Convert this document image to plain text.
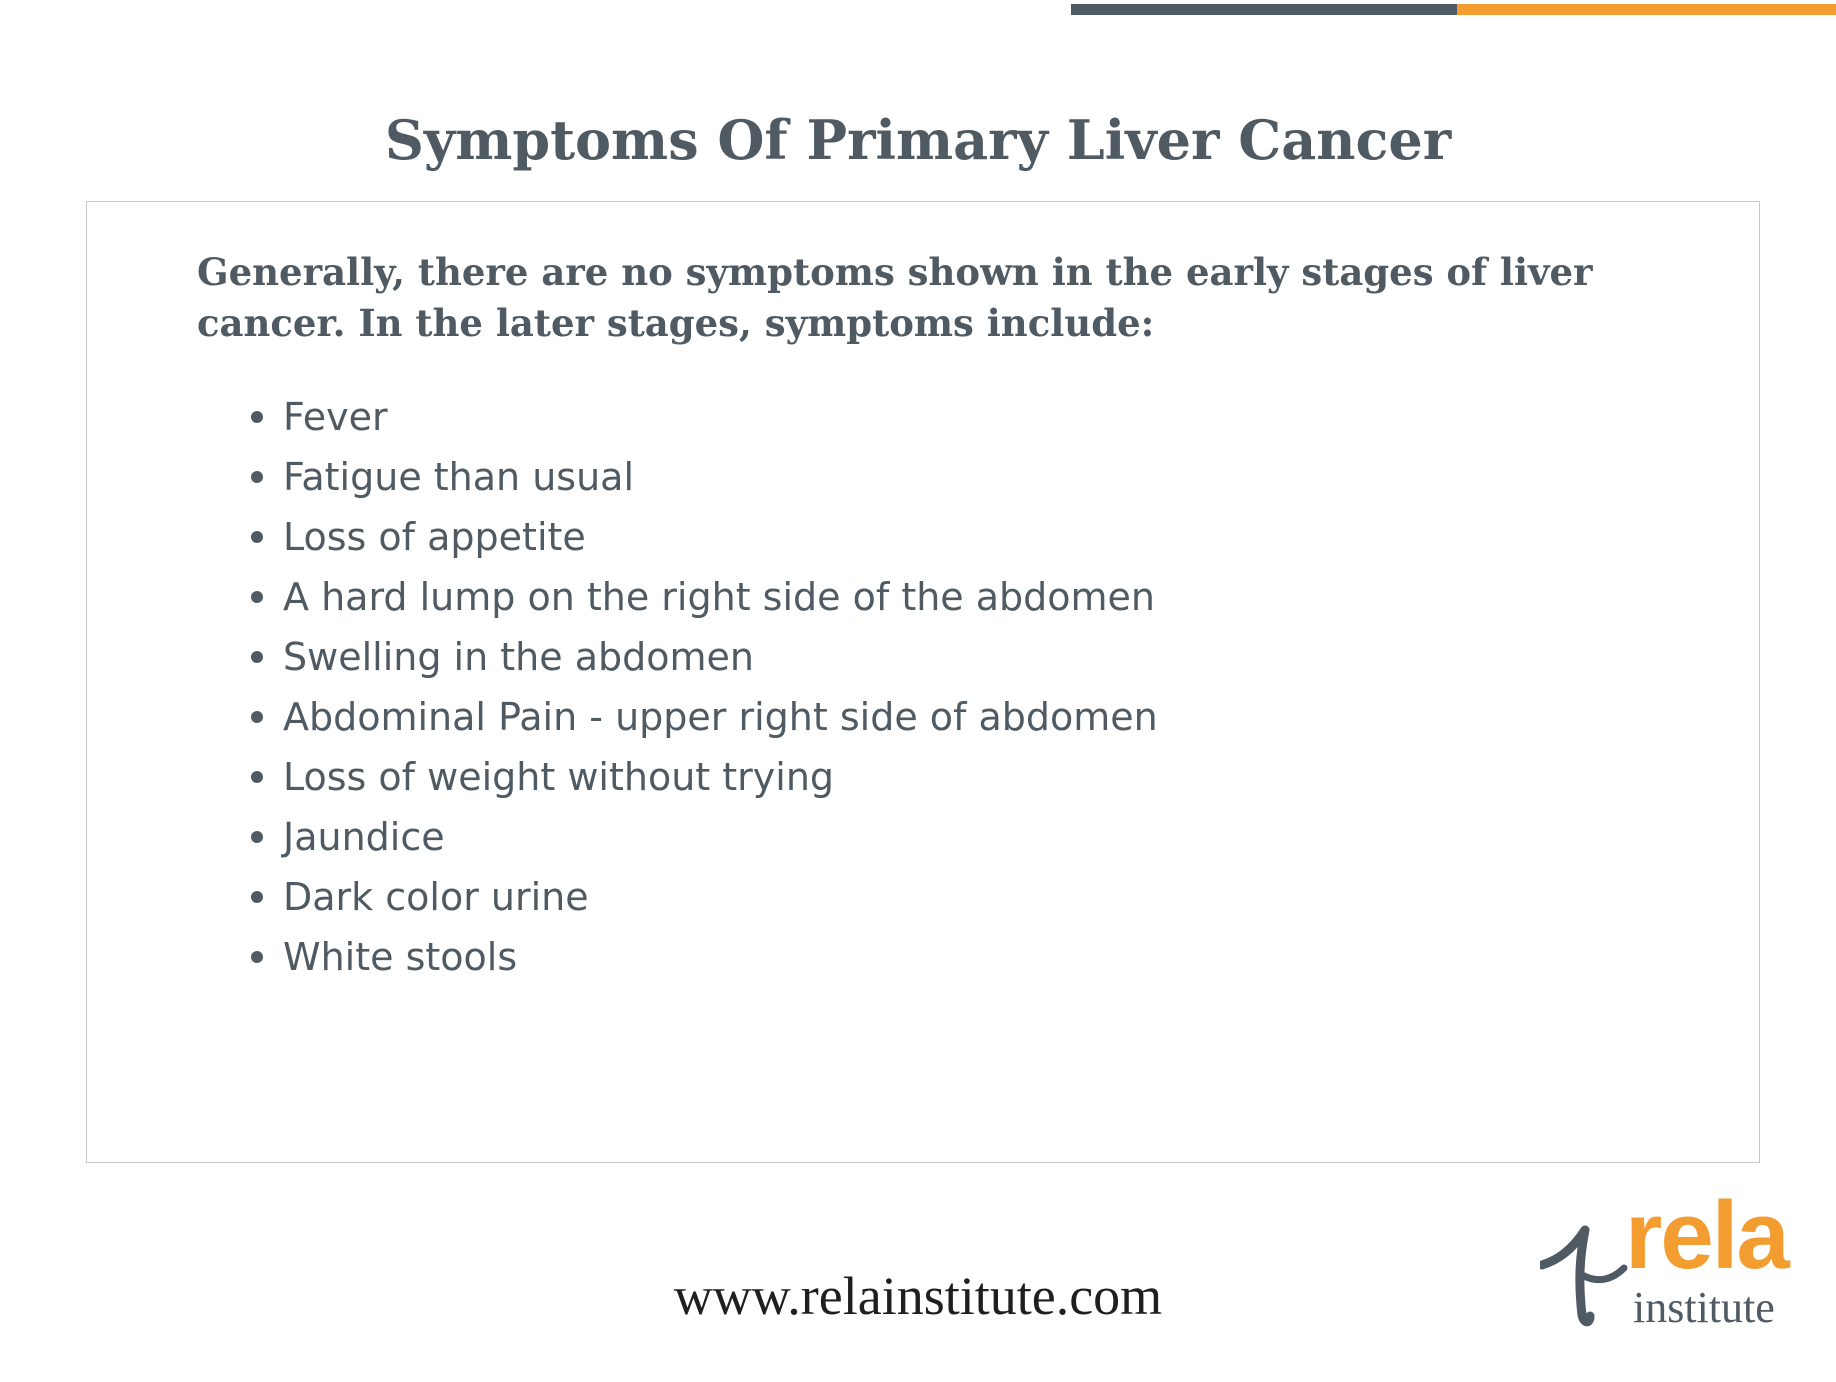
Symptoms Of Primary Liver Cancer

Generally, there are no symptoms shown in the early stages of liver cancer. In the later stages, symptoms include:

Fever
Fatigue than usual
Loss of appetite
A hard lump on the right side of the abdomen
Swelling in the abdomen
Abdominal Pain - upper right side of abdomen
Loss of weight without trying
Jaundice
Dark color urine
White stools
www.relainstitute.com
rela
institute
